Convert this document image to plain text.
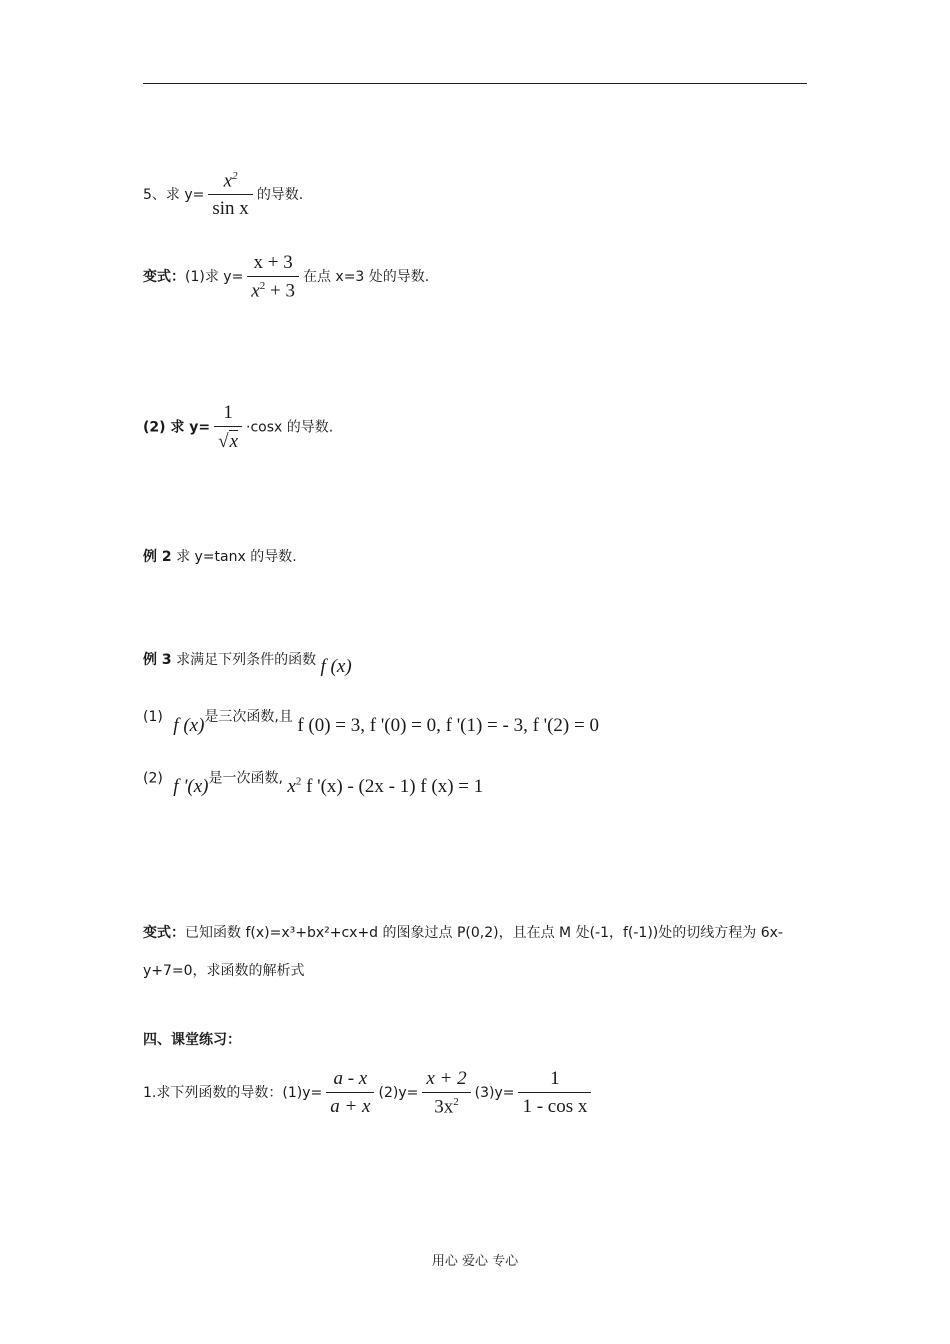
5、求 $y= \frac{x^2}{\text{sin x}}$ 的导数.
变式：(1)求 $y= \frac{x + 3}{x^2 + 3}$ 在点 x=3 处的导数.
(2) 求 $y= \frac{1}{√x} \cdot\cos x$ 的导数.
例 2 求 y=tanx 的导数.
例 3 求满足下列条件的函数 f (x)
(1) f (x)是三次函数,且 f (0) = 3, f '(0) = 0, f '(1) = - 3, f '(2) = 0
(2) f '(x)是一次函数, $x^2$ f '(x) - (2x - 1) f (x) = 1
变式：已知函数 f(x)=x³+bx²+cx+d 的图象过点 P(0,2)，且在点 M 处(-1，f(-1))处的切线方程为 6x-
y+7=0，求函数的解析式
四、课堂练习：
1.求下列函数的导数：$(1)y= \frac{a - x}{a + x} (2)y= \frac{x + 2}{3x^2} (3)y= \frac{1}{\text{1 - cos x}}$
用心 爱心 专心
